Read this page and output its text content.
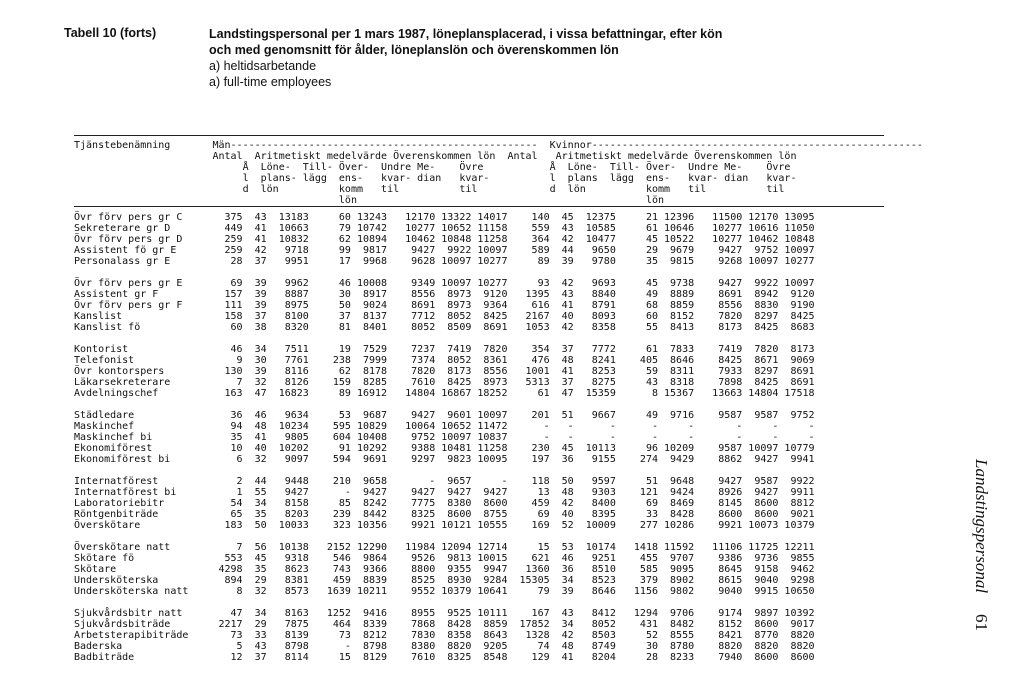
Tabell 10 (forts)	Landstingspersonal per 1 mars 1987, löneplansplacerad, i vissa befattningar, efter kön
och med genomsnitt för ålder, löneplanslön och överenskommen lön
a) heltidsarbetande
a) full-time employees
Tjänstebenämning       Män---------------------------------------------------  Kvinnor-------------------------------------------------------
Antal  Aritmetiskt medelvärde Överenskommen lön  Antal   Aritmetiskt medelvärde Överenskommen lön
Å  Löne-  Till- Över-  Undre Me-    Övre           Å  Löne-  Till- Över-  Undre Me-    Övre
l  plans- lägg  ens-   kvar- dian   kvar-          l  plans  lägg  ens-   kvar- dian   kvar-
d  lön          komm   til          til            d  lön          komm   til          til
lön                                                lön
Övr förv pers gr C       375  43  13183     60 13243   12170 13322 14017    140  45  12375     21 12396   11500 12170 13095
Sekreterare gr D         449  41  10663     79 10742   10277 10652 11158    559  43  10585     61 10646   10277 10616 11050
Övr förv pers gr D       259  41  10832     62 10894   10462 10848 11258    364  42  10477     45 10522   10277 10462 10848
Assistent fö gr E        259  42   9718     99  9817    9427  9922 10097    589  44   9650     29  9679    9427  9752 10097
Personalass gr E          28  37   9951     17  9968    9628 10097 10277     89  39   9780     35  9815    9268 10097 10277

Övr förv pers gr E        69  39   9962     46 10008    9349 10097 10277     93  42   9693     45  9738    9427  9922 10097
Assistent gr F           157  39   8887     30  8917    8556  8973  9120   1395  43   8840     49  8889    8691  8942  9120
Övr förv pers gr F       111  39   8975     50  9024    8691  8973  9364    616  41   8791     68  8859    8556  8830  9190
Kanslist                 158  37   8100     37  8137    7712  8052  8425   2167  40   8093     60  8152    7820  8297  8425
Kanslist fö               60  38   8320     81  8401    8052  8509  8691   1053  42   8358     55  8413    8173  8425  8683

Kontorist                 46  34   7511     19  7529    7237  7419  7820    354  37   7772     61  7833    7419  7820  8173
Telefonist                 9  30   7761    238  7999    7374  8052  8361    476  48   8241    405  8646    8425  8671  9069
Övr kontorspers          130  39   8116     62  8178    7820  8173  8556   1001  41   8253     59  8311    7933  8297  8691
Läkarsekreterare           7  32   8126    159  8285    7610  8425  8973   5313  37   8275     43  8318    7898  8425  8691
Avdelningschef           163  47  16823     89 16912   14804 16867 18252     61  47  15359      8 15367   13663 14804 17518

Städledare                36  46   9634     53  9687    9427  9601 10097    201  51   9667     49  9716    9587  9587  9752
Maskinchef                94  48  10234    595 10829   10064 10652 11472      -   -      -      -     -       -     -     -
Maskinchef bi             35  41   9805    604 10408    9752 10097 10837      -   -      -      -     -       -     -     -
Ekonomiförest             10  40  10202     91 10292    9388 10481 11258    230  45  10113     96 10209    9587 10097 10779
Ekonomiförest bi           6  32   9097    594  9691    9297  9823 10095    197  36   9155    274  9429    8862  9427  9941

Internatförest             2  44   9448    210  9658       -  9657     -    118  50   9597     51  9648    9427  9587  9922
Internatförest bi          1  55   9427      -  9427    9427  9427  9427     13  48   9303    121  9424    8926  9427  9911
Laboratoriebitr           54  34   8158     85  8242    7775  8380  8600    459  42   8400     69  8469    8145  8600  8812
Röntgenbiträde            65  35   8203    239  8442    8325  8600  8755     69  40   8395     33  8428    8600  8600  9021
Överskötare              183  50  10033    323 10356    9921 10121 10555    169  52  10009    277 10286    9921 10073 10379

Överskötare natt           7  56  10138   2152 12290   11984 12094 12714     15  53  10174   1418 11592   11106 11725 12211
Skötare fö               553  45   9318    546  9864    9526  9813 10015    621  46   9251    455  9707    9386  9736  9855
Skötare                 4298  35   8623    743  9366    8800  9355  9947   1360  36   8510    585  9095    8645  9158  9462
Undersköterska           894  29   8381    459  8839    8525  8930  9284  15305  34   8523    379  8902    8615  9040  9298
Undersköterska natt        8  32   8573   1639 10211    9552 10379 10641     79  39   8646   1156  9802    9040  9915 10650

Sjukvårdsbitr natt        47  34   8163   1252  9416    8955  9525 10111    167  43   8412   1294  9706    9174  9897 10392
Sjukvårdsbiträde        2217  29   7875    464  8339    7868  8428  8859  17852  34   8052    431  8482    8152  8600  9017
Arbetsterapibiträde       73  33   8139     73  8212    7830  8358  8643   1328  42   8503     52  8555    8421  8770  8820
Baderska                   5  43   8798      -  8798    8380  8820  9205     74  48   8749     30  8780    8820  8820  8820
Badbiträde                12  37   8114     15  8129    7610  8325  8548    129  41   8204     28  8233    7940  8600  8600
Landstingspersonal
61
